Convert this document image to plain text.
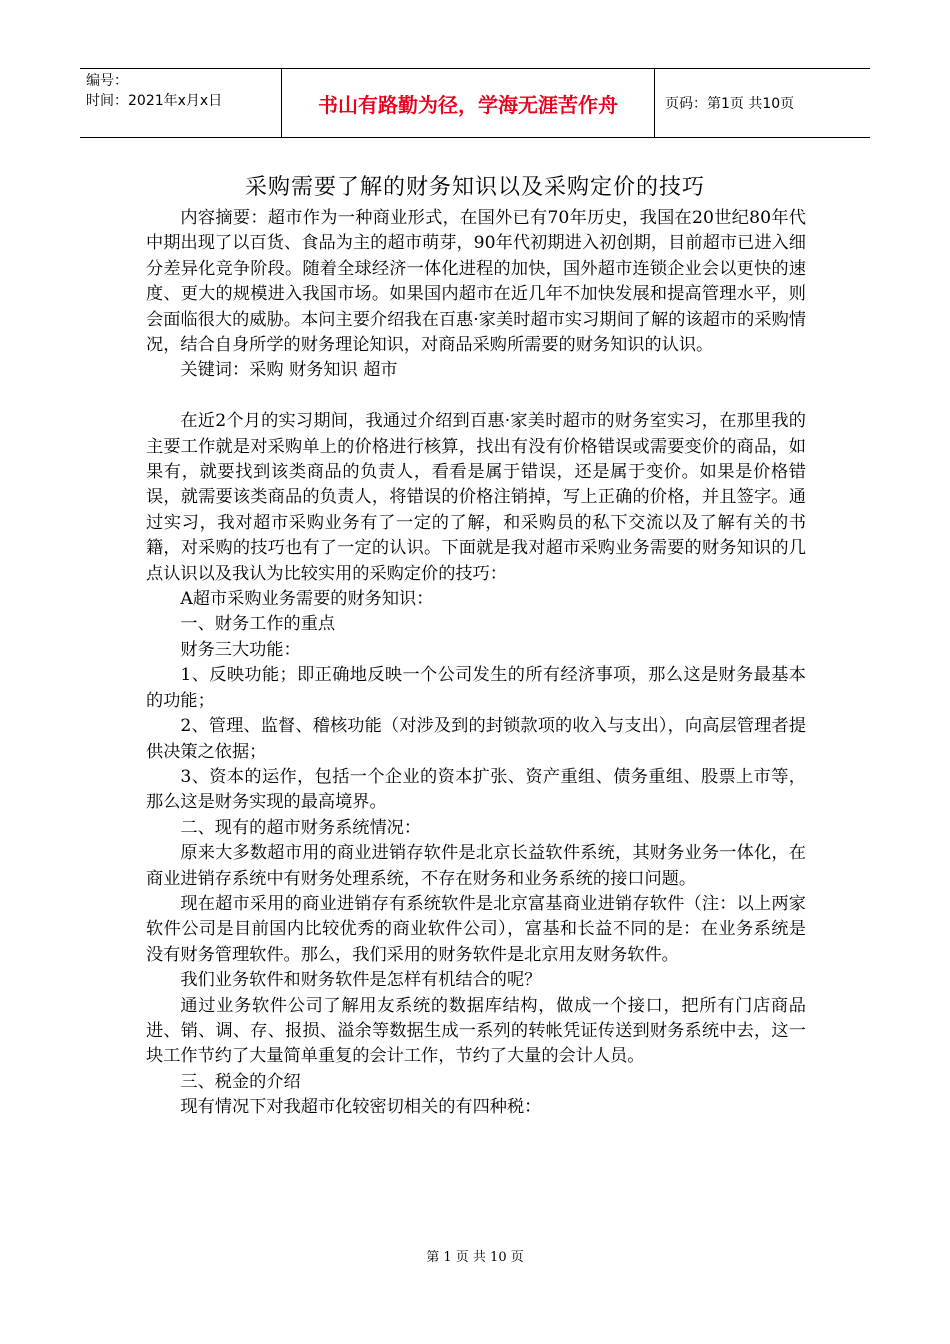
编号：
时间：2021年x月x日	书山有路勤为径，学海无涯苦作舟	页码：第1页 共10页
采购需要了解的财务知识以及采购定价的技巧

内容摘要：超市作为一种商业形式，在国外已有70年历史，我国在20世纪80年代中期出现了以百货、食品为主的超市萌芽，90年代初期进入初创期，目前超市已进入细分差异化竞争阶段。随着全球经济一体化进程的加快，国外超市连锁企业会以更快的速度、更大的规模进入我国市场。如果国内超市在近几年不加快发展和提高管理水平，则会面临很大的威胁。本问主要介绍我在百惠·家美时超市实习期间了解的该超市的采购情况，结合自身所学的财务理论知识，对商品采购所需要的财务知识的认识。

关键词：采购 财务知识 超市

在近2个月的实习期间，我通过介绍到百惠·家美时超市的财务室实习，在那里我的主要工作就是对采购单上的价格进行核算，找出有没有价格错误或需要变价的商品，如果有，就要找到该类商品的负责人，看看是属于错误，还是属于变价。如果是价格错误，就需要该类商品的负责人，将错误的价格注销掉，写上正确的价格，并且签字。通过实习，我对超市采购业务有了一定的了解，和采购员的私下交流以及了解有关的书籍，对采购的技巧也有了一定的认识。下面就是我对超市采购业务需要的财务知识的几点认识以及我认为比较实用的采购定价的技巧：

A超市采购业务需要的财务知识：

一、财务工作的重点

财务三大功能：

1、反映功能；即正确地反映一个公司发生的所有经济事项，那么这是财务最基本的功能；

2、管理、监督、稽核功能（对涉及到的封锁款项的收入与支出），向高层管理者提供决策之依据；

3、资本的运作，包括一个企业的资本扩张、资产重组、债务重组、股票上市等，那么这是财务实现的最高境界。

二、现有的超市财务系统情况：

原来大多数超市用的商业进销存软件是北京长益软件系统，其财务业务一体化，在商业进销存系统中有财务处理系统，不存在财务和业务系统的接口问题。

现在超市采用的商业进销存有系统软件是北京富基商业进销存软件（注：以上两家软件公司是目前国内比较优秀的商业软件公司），富基和长益不同的是：在业务系统是没有财务管理软件。那么，我们采用的财务软件是北京用友财务软件。

我们业务软件和财务软件是怎样有机结合的呢？

通过业务软件公司了解用友系统的数据库结构，做成一个接口，把所有门店商品进、销、调、存、报损、溢余等数据生成一系列的转帐凭证传送到财务系统中去，这一块工作节约了大量简单重复的会计工作，节约了大量的会计人员。

三、税金的介绍

现有情况下对我超市化较密切相关的有四种税：

第 1 页 共 10 页
